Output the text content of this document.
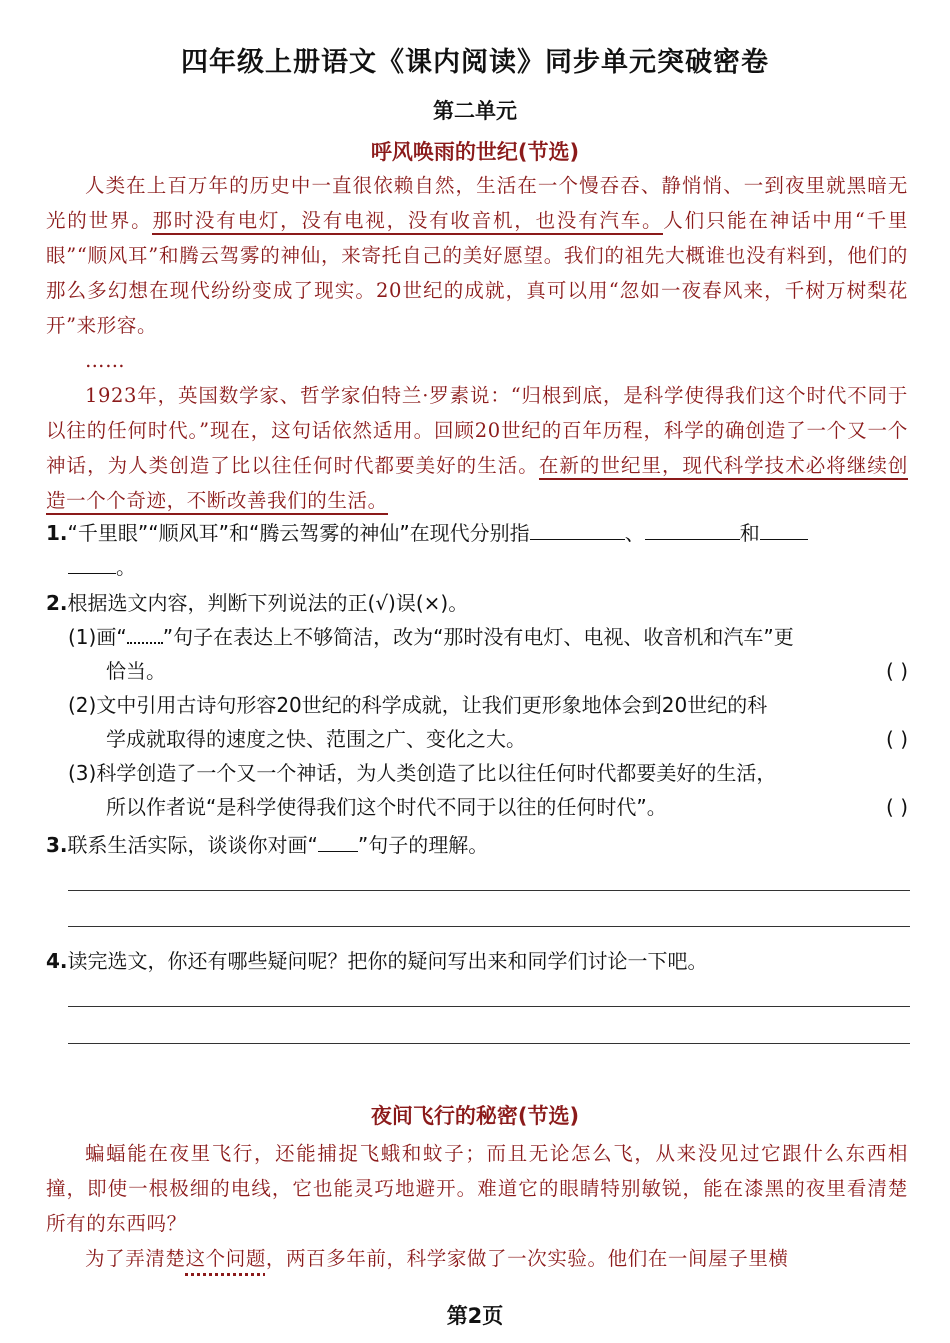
四年级上册语文《课内阅读》同步单元突破密卷
第二单元
呼风唤雨的世纪(节选)

人类在上百万年的历史中一直很依赖自然，生活在一个慢吞吞、静悄悄、一到夜里就黑暗无光的世界。那时没有电灯，没有电视，没有收音机，也没有汽车。人们只能在神话中用“千里眼”“顺风耳”和腾云驾雾的神仙，来寄托自己的美好愿望。我们的祖先大概谁也没有料到，他们的那么多幻想在现代纷纷变成了现实。20世纪的成就，真可以用“忽如一夜春风来，千树万树梨花开”来形容。

……

1923年，英国数学家、哲学家伯特兰·罗素说：“归根到底，是科学使得我们这个时代不同于以往的任何时代。”现在，这句话依然适用。回顾20世纪的百年历程，科学的确创造了一个又一个神话，为人类创造了比以往任何时代都要美好的生活。在新的世纪里，现代科学技术必将继续创造一个个奇迹，不断改善我们的生活。

1.“千里眼”“顺风耳”和“腾云驾雾的神仙”在现代分别指	、	和
。
2.根据选文内容，判断下列说法的正(√)误(×)。
(1)画“ ”句子在表达上不够简洁，改为“那时没有电灯、电视、收音机和汽车”更
恰当。	( )
(2)文中引用古诗句形容20世纪的科学成就，让我们更形象地体会到20世纪的科
学成就取得的速度之快、范围之广、变化之大。	( )
(3)科学创造了一个又一个神话，为人类创造了比以往任何时代都要美好的生活，
所以作者说“是科学使得我们这个时代不同于以往的任何时代”。	( )
3.联系生活实际，谈谈你对画“ ”句子的理解。
4.读完选文，你还有哪些疑问呢？把你的疑问写出来和同学们讨论一下吧。
夜间飞行的秘密(节选)

蝙蝠能在夜里飞行，还能捕捉飞蛾和蚊子；而且无论怎么飞，从来没见过它跟什么东西相撞，即使一根极细的电线，它也能灵巧地避开。难道它的眼睛特别敏锐，能在漆黑的夜里看清楚所有的东西吗？

为了弄清楚这个问题，两百多年前，科学家做了一次实验。他们在一间屋子里横

第2页
